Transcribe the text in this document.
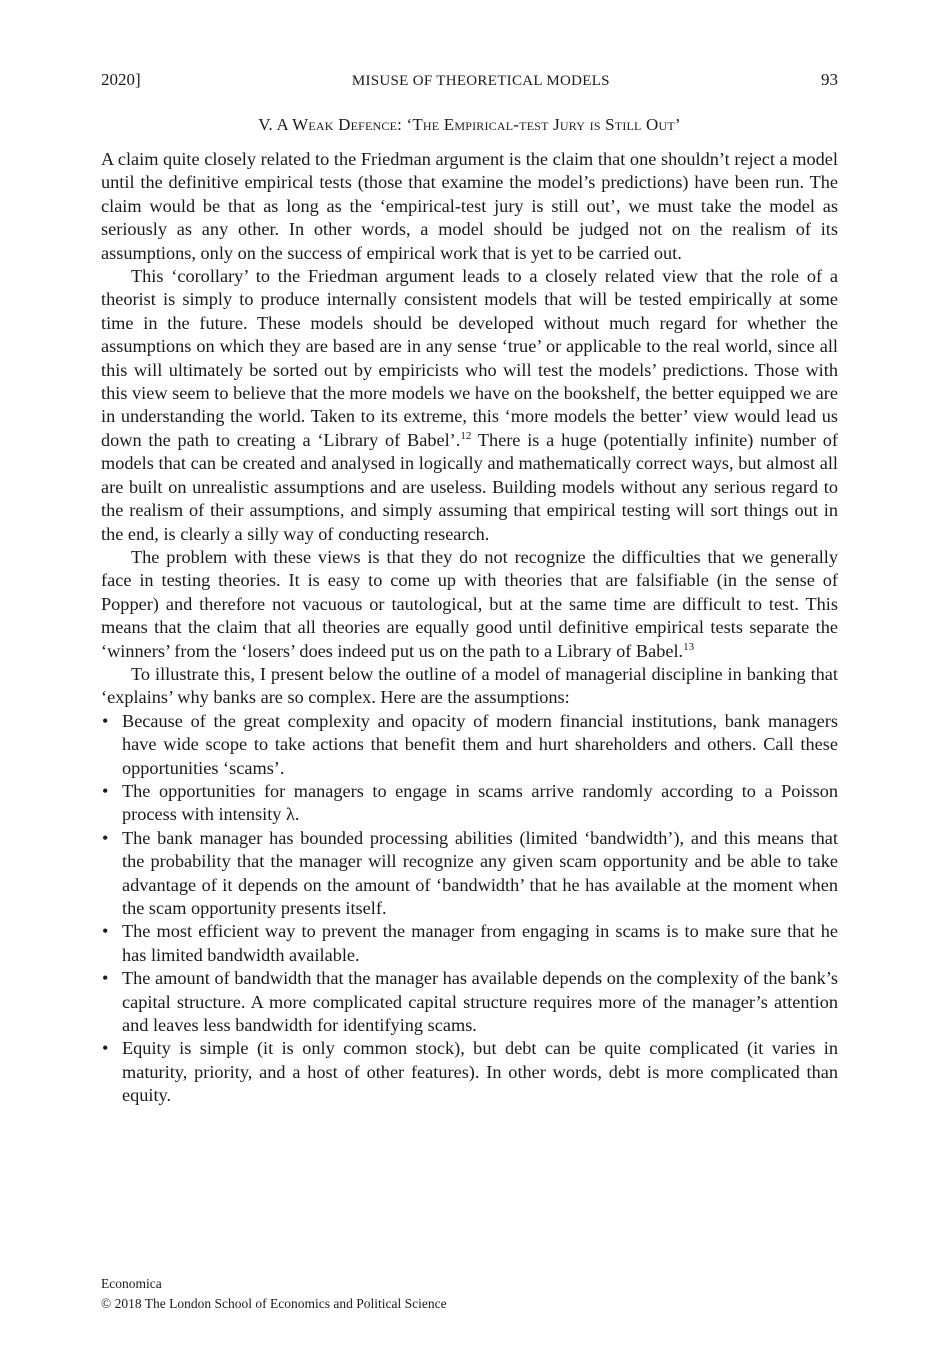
2020]	MISUSE OF THEORETICAL MODELS	93
V. A Weak Defence: ‘The Empirical-test Jury is Still Out’

A claim quite closely related to the Friedman argument is the claim that one shouldn’t reject a model until the definitive empirical tests (those that examine the model’s predictions) have been run. The claim would be that as long as the ‘empirical-test jury is still out’, we must take the model as seriously as any other. In other words, a model should be judged not on the realism of its assumptions, only on the success of empirical work that is yet to be carried out.

This ‘corollary’ to the Friedman argument leads to a closely related view that the role of a theorist is simply to produce internally consistent models that will be tested empirically at some time in the future. These models should be developed without much regard for whether the assumptions on which they are based are in any sense ‘true’ or applicable to the real world, since all this will ultimately be sorted out by empiricists who will test the models’ predictions. Those with this view seem to believe that the more models we have on the bookshelf, the better equipped we are in understanding the world. Taken to its extreme, this ‘more models the better’ view would lead us down the path to creating a ‘Library of Babel’.$^{12}$ There is a huge (potentially infinite) number of models that can be created and analysed in logically and mathematically correct ways, but almost all are built on unrealistic assumptions and are useless. Building models without any serious regard to the realism of their assumptions, and simply assuming that empirical testing will sort things out in the end, is clearly a silly way of conducting research.

The problem with these views is that they do not recognize the difficulties that we generally face in testing theories. It is easy to come up with theories that are falsifiable (in the sense of Popper) and therefore not vacuous or tautological, but at the same time are difficult to test. This means that the claim that all theories are equally good until definitive empirical tests separate the ‘winners’ from the ‘losers’ does indeed put us on the path to a Library of Babel.$^{13}$

To illustrate this, I present below the outline of a model of managerial discipline in banking that ‘explains’ why banks are so complex. Here are the assumptions:

• Because of the great complexity and opacity of modern financial institutions, bank managers have wide scope to take actions that benefit them and hurt shareholders and others. Call these opportunities ‘scams’.
• The opportunities for managers to engage in scams arrive randomly according to a Poisson process with intensity λ.
• The bank manager has bounded processing abilities (limited ‘bandwidth’), and this means that the probability that the manager will recognize any given scam opportunity and be able to take advantage of it depends on the amount of ‘bandwidth’ that he has available at the moment when the scam opportunity presents itself.
• The most efficient way to prevent the manager from engaging in scams is to make sure that he has limited bandwidth available.
• The amount of bandwidth that the manager has available depends on the complexity of the bank’s capital structure. A more complicated capital structure requires more of the manager’s attention and leaves less bandwidth for identifying scams.
• Equity is simple (it is only common stock), but debt can be quite complicated (it varies in maturity, priority, and a host of other features). In other words, debt is more complicated than equity.
Economica
© 2018 The London School of Economics and Political Science
